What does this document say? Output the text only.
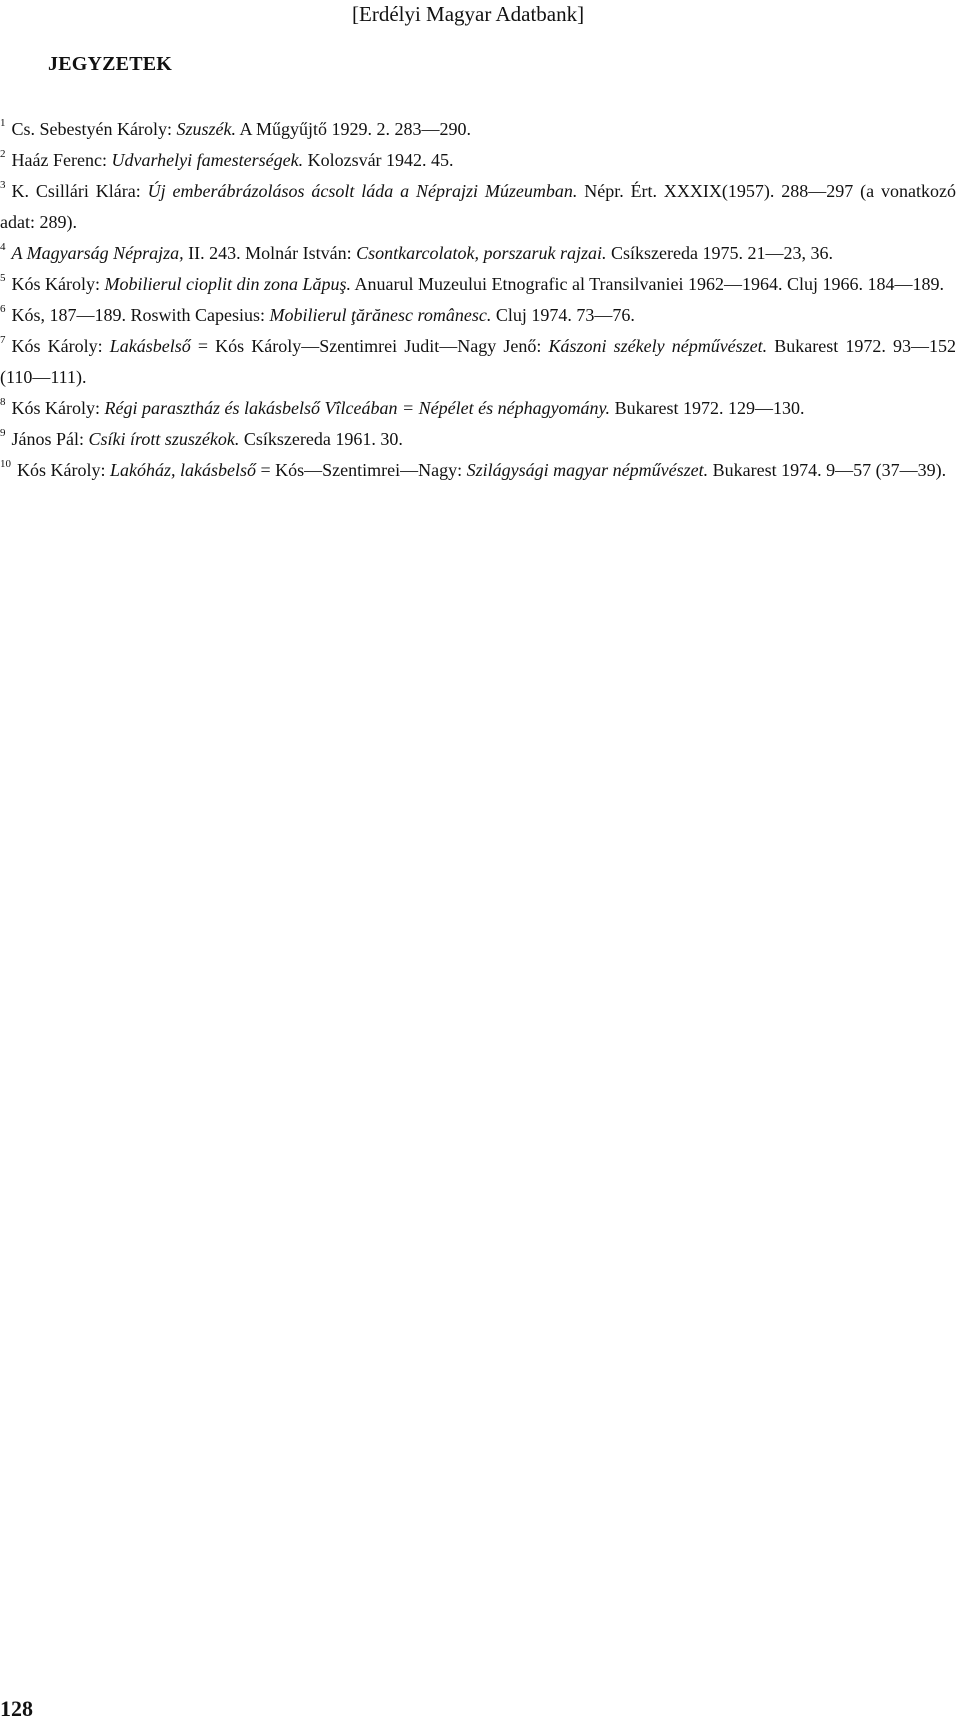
[Erdélyi Magyar Adatbank]
JEGYZETEK
$^1$ Cs. Sebestyén Károly: Szuszék. A Műgyűjtő 1929. 2. 283—290.
$^2$ Haáz Ferenc: Udvarhelyi famesterségek. Kolozsvár 1942. 45.
$^3$ K. Csillári Klára: Új emberábrázolásos ácsolt láda a Néprajzi Múzeumban. Népr. Ért. XXXIX(1957). 288—297 (a vonatkozó adat: 289).
$^4$ A Magyarság Néprajza, II. 243. Molnár István: Csontkarcolatok, porszaruk rajzai. Csíkszereda 1975. 21—23, 36.
$^5$ Kós Károly: Mobilierul cioplit din zona Lăpuş. Anuarul Muzeului Etnografic al Transilvaniei 1962—1964. Cluj 1966. 184—189.
$^6$ Kós, 187—189. Roswith Capesius: Mobilierul ţărănesc românesc. Cluj 1974. 73—76.
$^7$ Kós Károly: Lakásbelső = Kós Károly—Szentimrei Judit—Nagy Jenő: Kászoni székely népművészet. Bukarest 1972. 93—152 (110—111).
$^8$ Kós Károly: Régi parasztház és lakásbelső Vîlceában = Népélet és néphagyomány. Bukarest 1972. 129—130.
$^9$ János Pál: Csíki írott szuszékok. Csíkszereda 1961. 30.
$^{10}$ Kós Károly: Lakóház, lakásbelső = Kós—Szentimrei—Nagy: Szilágysági magyar népművészet. Bukarest 1974. 9—57 (37—39).
128
